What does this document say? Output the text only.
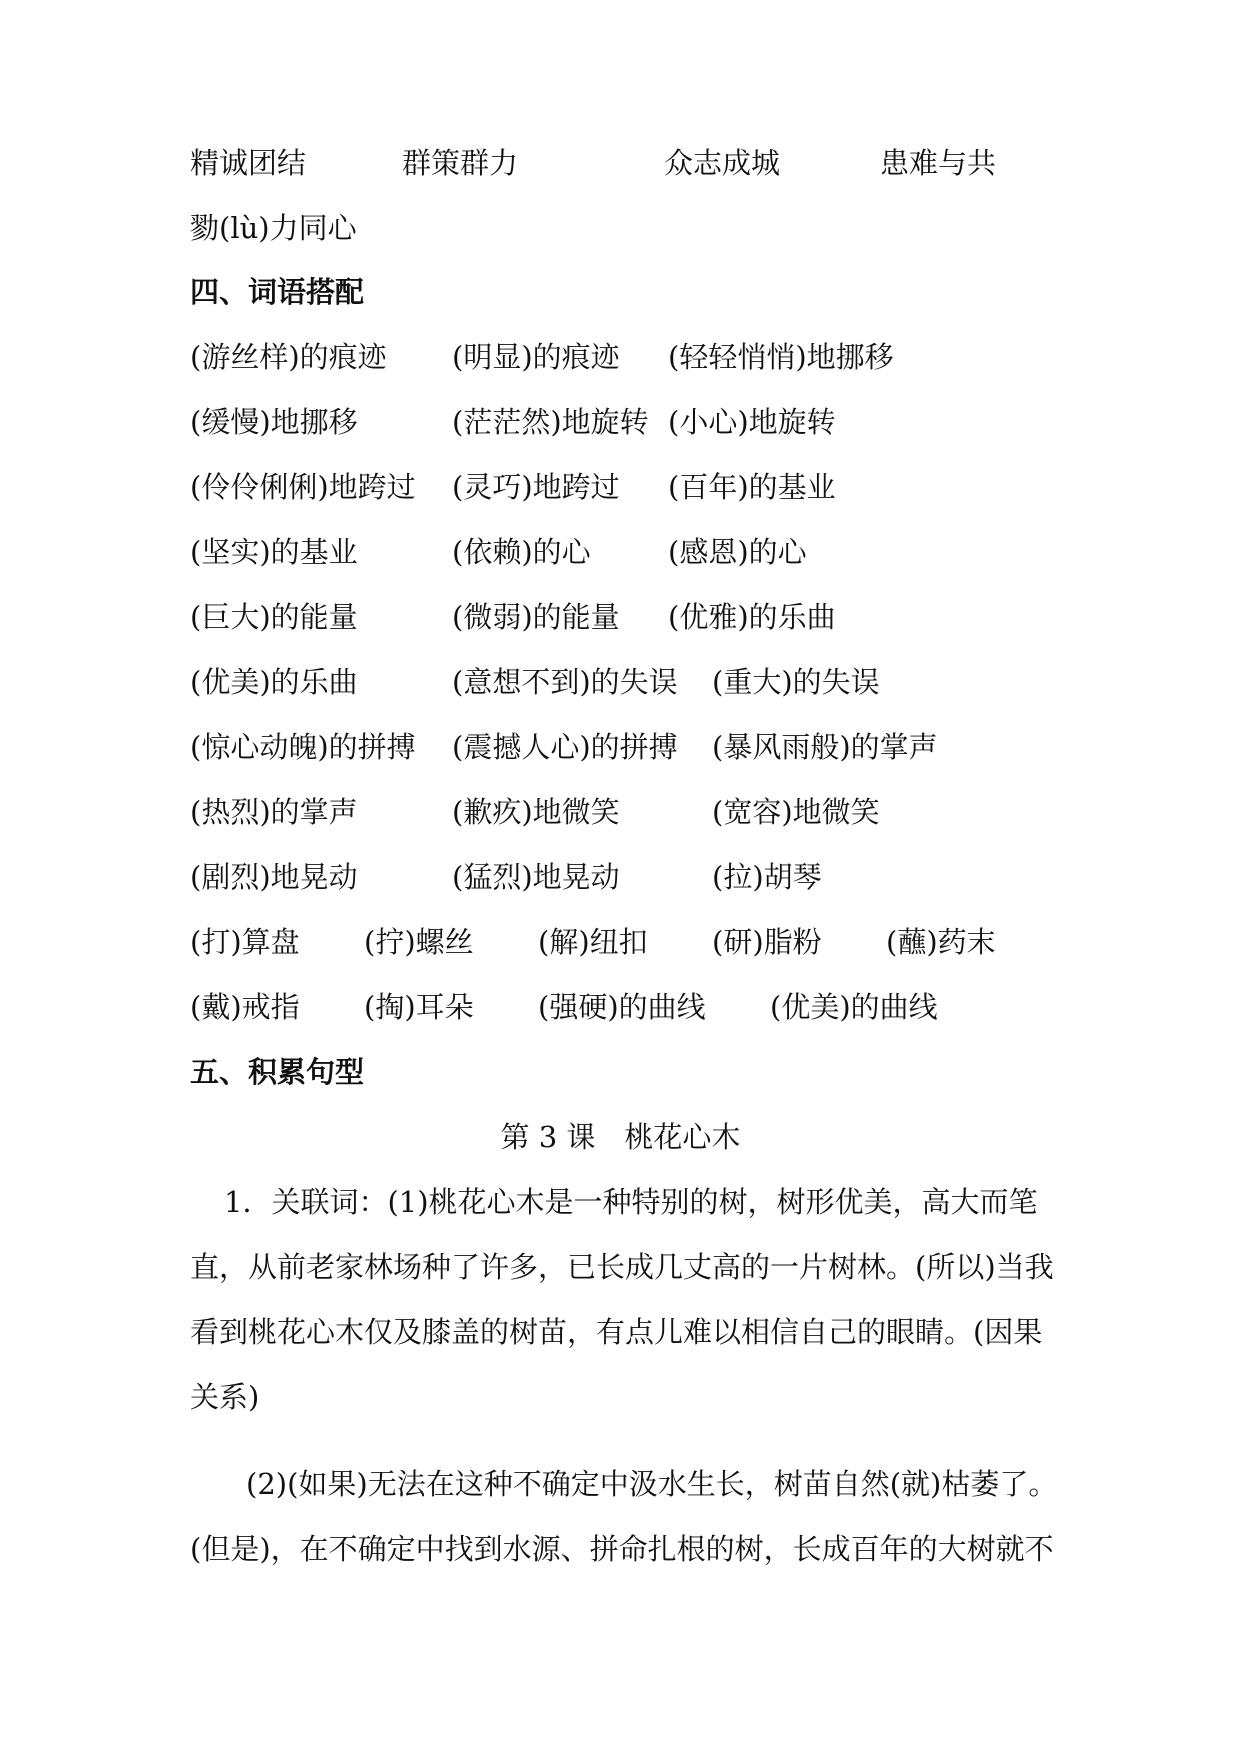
精诚团结	群策群力	众志成城	患难与共
勠(lù)力同心
四、词语搭配
(游丝样)的痕迹 (明显)的痕迹 (轻轻悄悄)地挪移
(缓慢)地挪移	(茫茫然)地旋转 (小心)地旋转
(伶伶俐俐)地跨过 (灵巧)地跨过 (百年)的基业
(坚实)的基业	(依赖)的心	(感恩)的心
(巨大)的能量	(微弱)的能量 (优雅)的乐曲
(优美)的乐曲	(意想不到)的失误 (重大)的失误
(惊心动魄)的拼搏 (震撼人心)的拼搏 (暴风雨般)的掌声
(热烈)的掌声	(歉疚)地微笑	(宽容)地微笑
(剧烈)地晃动	(猛烈)地晃动	(拉)胡琴
(打)算盘 (拧)螺丝 (解)纽扣 (研)脂粉 (蘸)药末
(戴)戒指 (掏)耳朵 (强硬)的曲线 (优美)的曲线
五、积累句型
第 3 课　桃花心木
1．关联词：(1)桃花心木是一种特别的树，树形优美，高大而笔
直，从前老家林场种了许多，已长成几丈高的一片树林。(所以)当我
看到桃花心木仅及膝盖的树苗，有点儿难以相信自己的眼睛。(因果
关系)
(2)(如果)无法在这种不确定中汲水生长，树苗自然(就)枯萎了。
(但是)，在不确定中找到水源、拼命扎根的树，长成百年的大树就不
